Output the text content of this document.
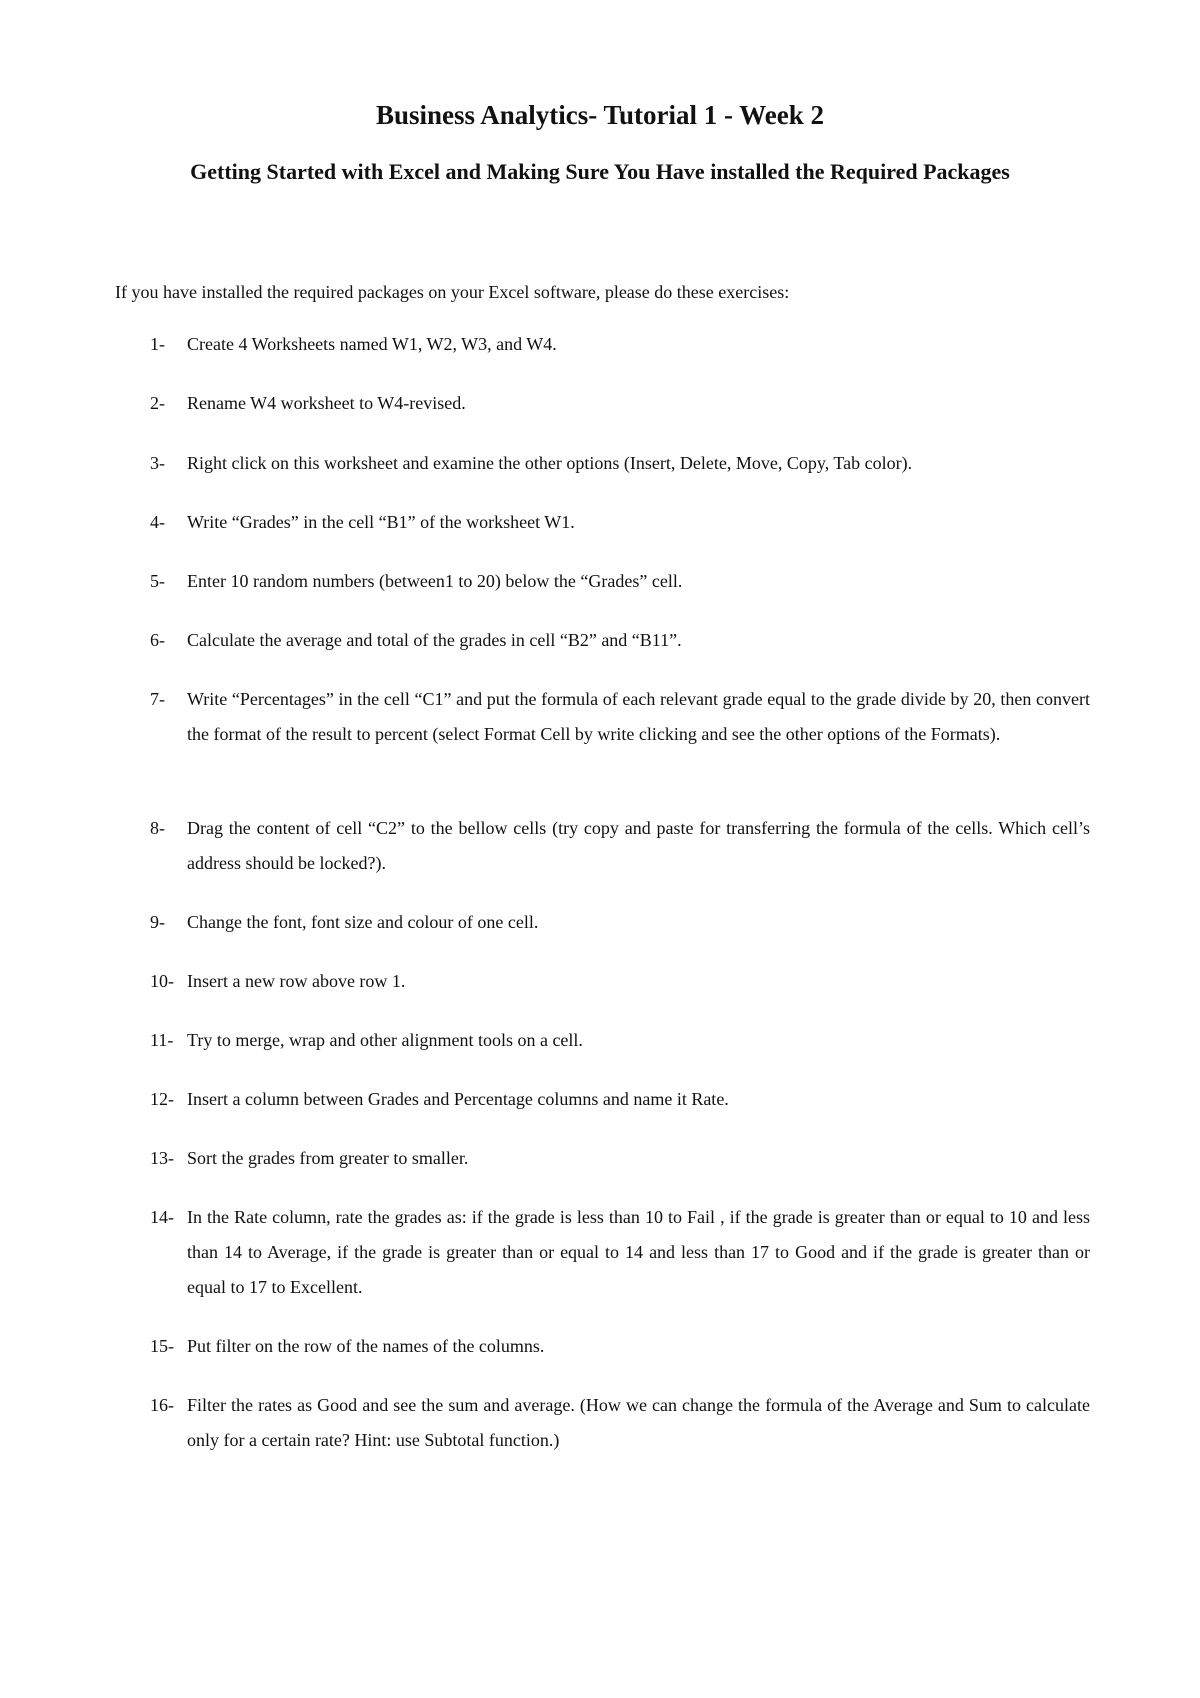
Business Analytics- Tutorial 1 - Week 2
Getting Started with Excel and Making Sure You Have installed the Required Packages
If you have installed the required packages on your Excel software, please do these exercises:
1-	Create 4 Worksheets named W1, W2, W3, and W4.
2-	Rename W4 worksheet to W4-revised.
3-	Right click on this worksheet and examine the other options (Insert, Delete, Move, Copy, Tab color).
4-	Write “Grades” in the cell “B1” of the worksheet W1.
5-	Enter 10 random numbers (between1 to 20) below the “Grades” cell.
6-	Calculate the average and total of the grades in cell “B2” and “B11”.
7-	Write “Percentages” in the cell “C1” and put the formula of each relevant grade equal to the grade divide by 20, then convert the format of the result to percent (select Format Cell by write clicking and see the other options of the Formats).
8-	Drag the content of cell “C2” to the bellow cells (try copy and paste for transferring the formula of the cells. Which cell’s address should be locked?).
9-	Change the font, font size and colour of one cell.
10- Insert a new row above row 1.
11- Try to merge, wrap and other alignment tools on a cell.
12- Insert a column between Grades and Percentage columns and name it Rate.
13- Sort the grades from greater to smaller.
14- In the Rate column, rate the grades as: if the grade is less than 10 to Fail , if the grade is greater than or equal to 10 and less than 14 to Average, if the grade is greater than or equal to 14 and less than 17 to Good and if the grade is greater than or equal to 17 to Excellent.
15- Put filter on the row of the names of the columns.
16- Filter the rates as Good and see the sum and average. (How we can change the formula of the Average and Sum to calculate only for a certain rate? Hint: use Subtotal function.)
